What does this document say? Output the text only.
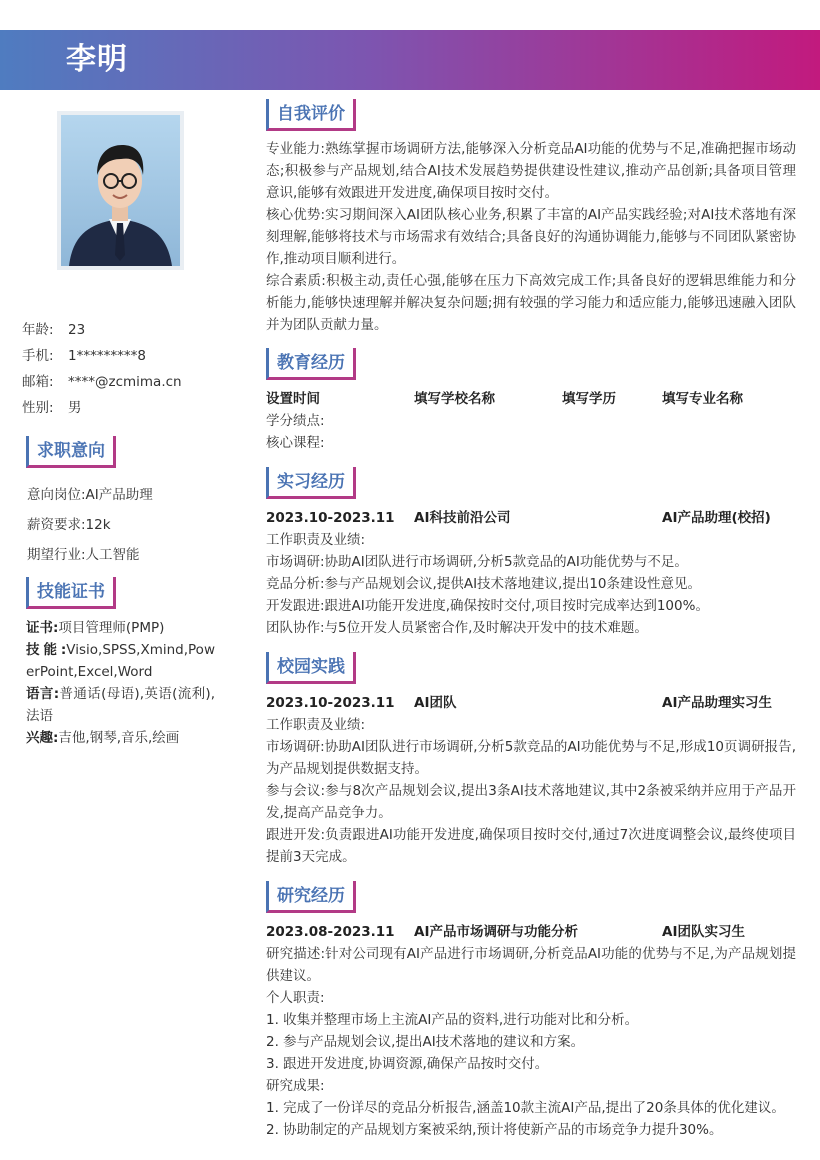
李明
年龄: 23
手机: 1*********8
邮箱: ****@zcmima.cn
性别: 男
求职意向
意向岗位:AI产品助理
薪资要求:12k
期望行业:人工智能
技能证书
证书:项目管理师(PMP)
技能:Visio,SPSS,Xmind,PowerPoint,Excel,Word
语言:普通话(母语),英语(流利),法语
兴趣:吉他,钢琴,音乐,绘画
自我评价
专业能力:熟练掌握市场调研方法,能够深入分析竞品AI功能的优势与不足,准确把握市场动态;积极参与产品规划,结合AI技术发展趋势提供建设性建议,推动产品创新;具备项目管理意识,能够有效跟进开发进度,确保项目按时交付。
核心优势:实习期间深入AI团队核心业务,积累了丰富的AI产品实践经验;对AI技术落地有深刻理解,能够将技术与市场需求有效结合;具备良好的沟通协调能力,能够与不同团队紧密协作,推动项目顺利进行。
综合素质:积极主动,责任心强,能够在压力下高效完成工作;具备良好的逻辑思维能力和分析能力,能够快速理解并解决复杂问题;拥有较强的学习能力和适应能力,能够迅速融入团队并为团队贡献力量。
教育经历
设置时间	填写学校名称	填写学历	填写专业名称
学分绩点:
核心课程:
实习经历
2023.10-2023.11	AI科技前沿公司	AI产品助理(校招)
工作职责及业绩:
市场调研:协助AI团队进行市场调研,分析5款竞品的AI功能优势与不足。
竞品分析:参与产品规划会议,提供AI技术落地建议,提出10条建设性意见。
开发跟进:跟进AI功能开发进度,确保按时交付,项目按时完成率达到100%。
团队协作:与5位开发人员紧密合作,及时解决开发中的技术难题。
校园实践
2023.10-2023.11	AI团队	AI产品助理实习生
工作职责及业绩:
市场调研:协助AI团队进行市场调研,分析5款竞品的AI功能优势与不足,形成10页调研报告,为产品规划提供数据支持。
参与会议:参与8次产品规划会议,提出3条AI技术落地建议,其中2条被采纳并应用于产品开发,提高产品竞争力。
跟进开发:负责跟进AI功能开发进度,确保项目按时交付,通过7次进度调整会议,最终使项目提前3天完成。
研究经历
2023.08-2023.11	AI产品市场调研与功能分析	AI团队实习生
研究描述:针对公司现有AI产品进行市场调研,分析竞品AI功能的优势与不足,为产品规划提供建议。
个人职责:
1. 收集并整理市场上主流AI产品的资料,进行功能对比和分析。
2. 参与产品规划会议,提出AI技术落地的建议和方案。
3. 跟进开发进度,协调资源,确保产品按时交付。
研究成果:
1. 完成了一份详尽的竞品分析报告,涵盖10款主流AI产品,提出了20条具体的优化建议。
2. 协助制定的产品规划方案被采纳,预计将使新产品的市场竞争力提升30%。
